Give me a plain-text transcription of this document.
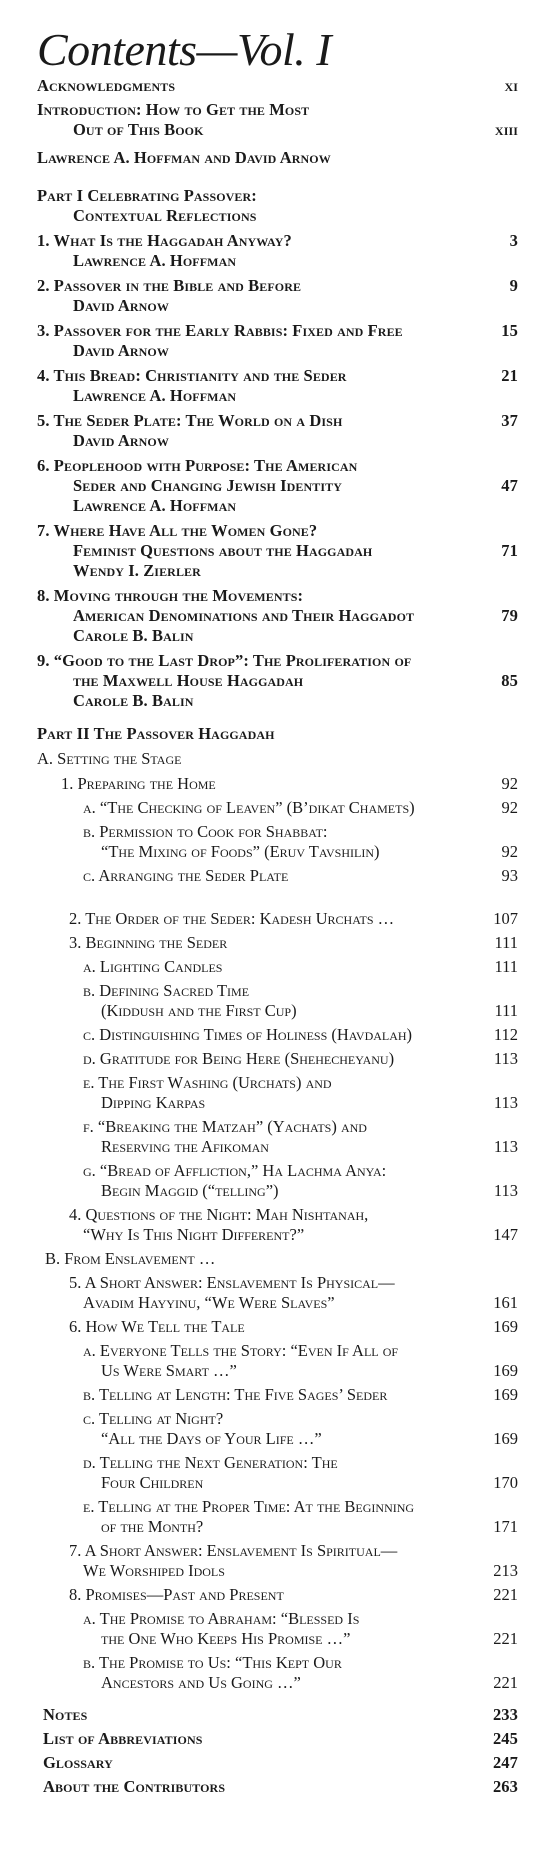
Contents—Vol. I
Acknowledgments	xi
Introduction: How to Get the Most
Out of This Book	xiii
Lawrence A. Hoffman and David Arnow
Part I Celebrating Passover:
Contextual Reflections
1. What Is the Haggadah Anyway?	3
Lawrence A. Hoffman
2. Passover in the Bible and Before	9
David Arnow
3. Passover for the Early Rabbis: Fixed and Free	15
David Arnow
4. This Bread: Christianity and the Seder	21
Lawrence A. Hoffman
5. The Seder Plate: The World on a Dish	37
David Arnow
6. Peoplehood with Purpose: The American
Seder and Changing Jewish Identity	47
Lawrence A. Hoffman
7. Where Have All the Women Gone?
Feminist Questions about the Haggadah	71
Wendy I. Zierler
8. Moving through the Movements:
American Denominations and Their Haggadot	79
Carole B. Balin
9. “Good to the Last Drop”: The Proliferation of
the Maxwell House Haggadah	85
Carole B. Balin
Part II The Passover Haggadah
A. Setting the Stage
1. Preparing the Home	92
a. “The Checking of Leaven” (B’dikat Chamets)	92
b. Permission to Cook for Shabbat:
“The Mixing of Foods” (Eruv Tavshilin)	92
c. Arranging the Seder Plate	93
2. The Order of the Seder: Kadesh Urchats …	107
3. Beginning the Seder	111
a. Lighting Candles	111
b. Defining Sacred Time
(Kiddush and the First Cup)	111
c. Distinguishing Times of Holiness (Havdalah)	112
d. Gratitude for Being Here (Shehecheyanu)	113
e. The First Washing (Urchats) and
Dipping Karpas	113
f. “Breaking the Matzah” (Yachats) and
Reserving the Afikoman	113
g. “Bread of Affliction,” Ha Lachma Anya:
Begin Maggid (“telling”)	113
4. Questions of the Night: Mah Nishtanah,
“Why Is This Night Different?”	147
B. From Enslavement …
5. A Short Answer: Enslavement Is Physical—
Avadim Hayyinu, “We Were Slaves”	161
6. How We Tell the Tale	169
a. Everyone Tells the Story: “Even If All of
Us Were Smart …”	169
b. Telling at Length: The Five Sages’ Seder	169
c. Telling at Night?
“All the Days of Your Life …”	169
d. Telling the Next Generation: The
Four Children	170
e. Telling at the Proper Time: At the Beginning
of the Month?	171
7. A Short Answer: Enslavement Is Spiritual—
We Worshiped Idols	213
8. Promises—Past and Present	221
a. The Promise to Abraham: “Blessed Is
the One Who Keeps His Promise …”	221
b. The Promise to Us: “This Kept Our
Ancestors and Us Going …”	221
Notes	233
List of Abbreviations	245
Glossary	247
About the Contributors	263
